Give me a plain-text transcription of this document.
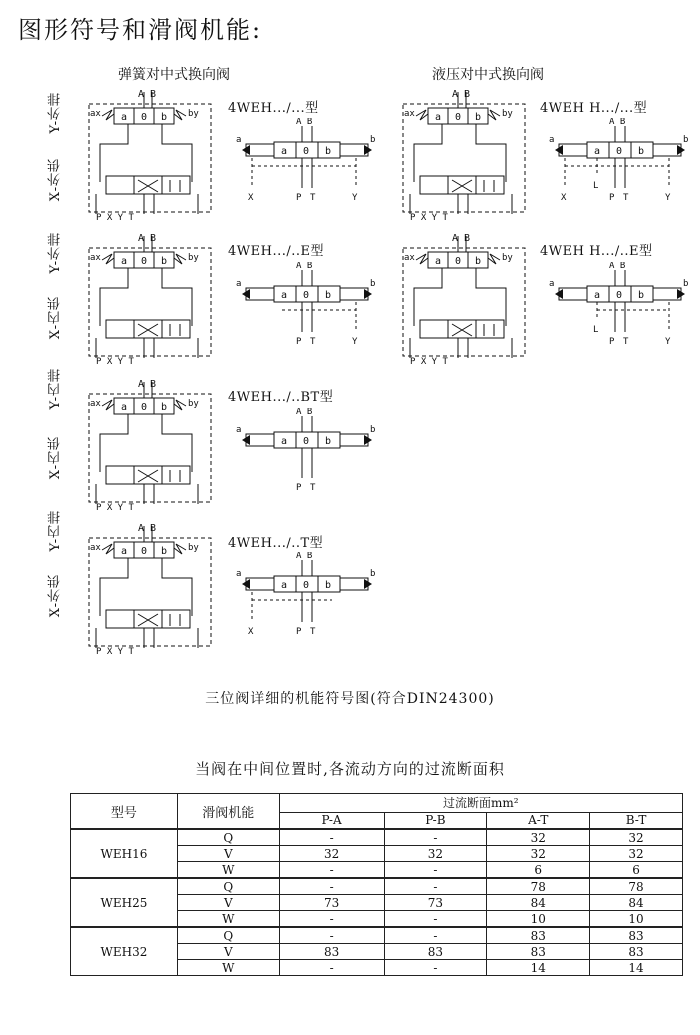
图形符号和滑阀机能:
弹簧对中式换向阀	液压对中式换向阀
Y-外排
X-外供
Y-外排
X-内供
Y-内排
X-内供
Y-内排
X-外供
4WEH.../...型
4WEH.../..E型
4WEH.../..BT型
4WEH.../..T型
4WEH H.../...型
4WEH H.../..E型
A B
a 0 b
ax	by
P X Y T
A B
a 0 b
ax	by
P X Y T
A B
a 0 b
ax	by
P X Y T
A B
a 0 b
ax	by
P X Y T
A B
a 0 b
ax	by
P X Y T
A B
a 0 b
ax	by
P X Y T
A B
a	b
a 0 b
P T
X	Y
A B
a	b
a 0 b
P T	Y
A B
a	b
a 0 b
P T
A B
a	b
a 0 b
P T
X
A B
a	b
a 0 b
L
P T
X	Y
A B
a	b
a 0 b
L
P T	Y
三位阀详细的机能符号图(符合DIN24300)
当阀在中间位置时,各流动方向的过流断面积
型号	滑阀机能	过流断面mm²			
		P-A	P-B	A-T	B-T
WEH16	Q	-	-	32	32
	V	32	32	32	32
	W	-	-	6	6
WEH25	Q	-	-	78	78
	V	73	73	84	84
	W	-	-	10	10
WEH32	Q	-	-	83	83
	V	83	83	83	83
	W	-	-	14	14
